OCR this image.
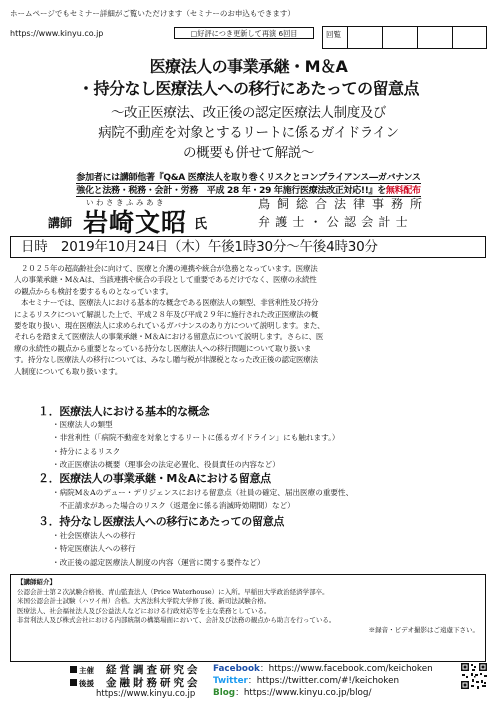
ホームページでもセミナー詳細がご覧いただけます（セミナーのお申込もできます）
https://www.kinyu.co.jp	□好評につき更新して再演 6回目	回覧
医療法人の事業承継・M＆A
・持分なし医療法人への移行にあたっての留意点
～改正医療法、改正後の認定医療法人制度及び
病院不動産を対象とするリートに係るガイドライン
の概要も併せて解説～
参加者には講師他著『Q&A 医療法人を取り巻くリスクとコンプライアンス―ガバナンス
強化と法務・税務・会計・労務　平成 28 年・29 年施行医療法改正対応!!』を無料配布
いわさきふみあき
講師 岩崎文昭 氏
鳥飼総合法律事務所
弁護士・公認会計士
日時　2019年10月24日（木）午後1時30分～午後4時30分

２０２５年の超高齢社会に向けて、医療と介護の連携や統合が急務となっています。医療法

人の事業承継・M＆Aは、当該連携や統合の手段として重要であるだけでなく、医療の永続性

の観点からも検討を要するものとなっています。

本セミナーでは、医療法人における基本的な概念である医療法人の類型、非営利性及び持分

によるリスクについて解説した上で、平成２８年及び平成２９年に施行された改正医療法の概

要を取り扱い、現在医療法人に求められているガバナンスのあり方について説明します。また、

それらを踏まえて医療法人の事業承継・M＆Aにおける留意点について説明します。さらに、医

療の永続性の観点から重要となっている持分なし医療法人への移行問題について取り扱いま

す。持分なし医療法人の移行については、みなし贈与税が非課税となった改正後の認定医療法

人制度についても取り扱います。

１．医療法人における基本的な概念
・医療法人の類型
・非営利性（「病院不動産を対象とするリートに係るガイドライン」にも触れます。）
・持分によるリスク
・改正医療法の概要（理事会の法定必置化、役員責任の内容など）
２．医療法人の事業承継・M＆Aにおける留意点
・病院M＆Aのデュー・デリジェンスにおける留意点（社員の確定、届出医療の重要性、
　不正請求があった場合のリスク（返還金に係る消滅時効期間）など）
３．持分なし医療法人への移行にあたっての留意点
・社会医療法人への移行
・特定医療法人への移行
・改正後の認定医療法人制度の内容（運営に関する要件など）
【講師紹介】
公認会計士第２次試験合格後、青山監査法人（Price Waterhouse）に入所。早稲田大学政治経済学部卒。
米国公認会計士試験（ハワイ州）合格。大宮法科大学院大学修了後、新司法試験合格。
医療法人、社会福祉法人及び公益法人などにおける行政対応等を主な業務としている。
非営利法人及び株式会社における内部統制の構築場面において、会計及び法務の観点から助言を行っている。
※録音・ビデオ撮影はご遠慮下さい。
主催 経営調査研究会
後援 金融財務研究会
https://www.kinyu.co.jp
Facebook：https://www.facebook.com/keichoken
Twitter：https://twitter.com/#!/keichoken
Blog：https://www.kinyu.co.jp/blog/
